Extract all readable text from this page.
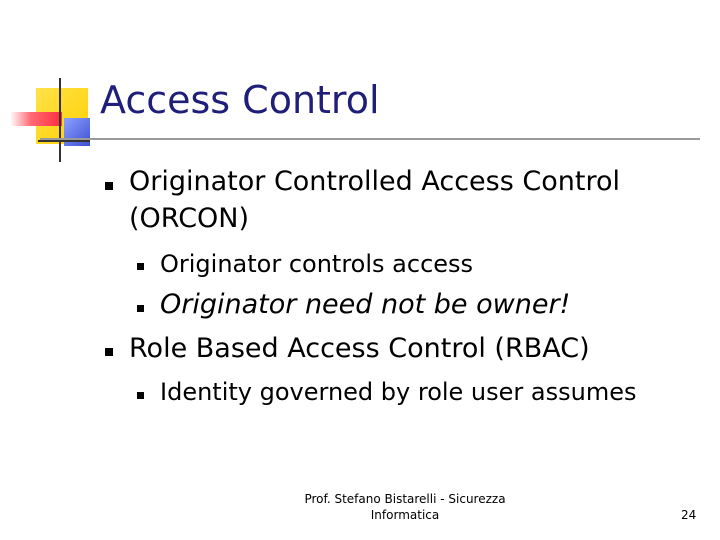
Access Control
Originator Controlled Access Control
(ORCON)
Originator controls access
Originator need not be owner!
Role Based Access Control (RBAC)
Identity governed by role user assumes
Prof. Stefano Bistarelli - Sicurezza
Informatica	24
